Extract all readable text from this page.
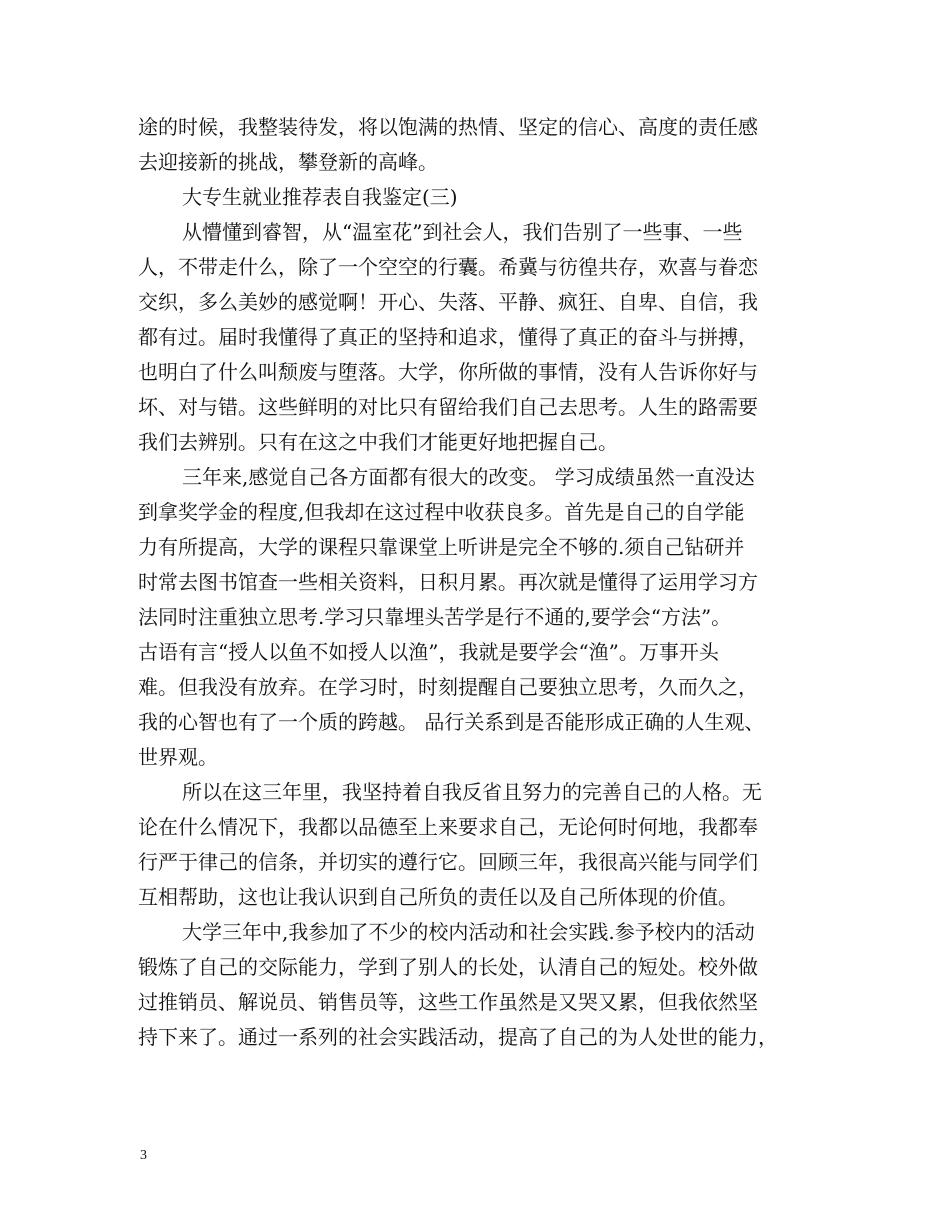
途的时候，我整装待发，将以饱满的热情、坚定的信心、高度的责任感
去迎接新的挑战，攀登新的高峰。
大专生就业推荐表自我鉴定(三)
从懵懂到睿智，从“温室花”到社会人，我们告别了一些事、一些
人，不带走什么，除了一个空空的行囊。希冀与彷徨共存，欢喜与眷恋
交织，多么美妙的感觉啊！开心、失落、平静、疯狂、自卑、自信，我
都有过。届时我懂得了真正的坚持和追求，懂得了真正的奋斗与拼搏，
也明白了什么叫颓废与堕落。大学，你所做的事情，没有人告诉你好与
坏、对与错。这些鲜明的对比只有留给我们自己去思考。人生的路需要
我们去辨别。只有在这之中我们才能更好地把握自己。
三年来,感觉自己各方面都有很大的改变。 学习成绩虽然一直没达
到拿奖学金的程度,但我却在这过程中收获良多。首先是自己的自学能
力有所提高，大学的课程只靠课堂上听讲是完全不够的.须自己钻研并
时常去图书馆查一些相关资料，日积月累。再次就是懂得了运用学习方
法同时注重独立思考.学习只靠埋头苦学是行不通的,要学会“方法”。
古语有言“授人以鱼不如授人以渔”，我就是要学会“渔”。万事开头
难。但我没有放弃。在学习时，时刻提醒自己要独立思考，久而久之，
我的心智也有了一个质的跨越。 品行关系到是否能形成正确的人生观、
世界观。
所以在这三年里，我坚持着自我反省且努力的完善自己的人格。无
论在什么情况下，我都以品德至上来要求自己，无论何时何地，我都奉
行严于律己的信条，并切实的遵行它。回顾三年，我很高兴能与同学们
互相帮助，这也让我认识到自己所负的责任以及自己所体现的价值。
大学三年中,我参加了不少的校内活动和社会实践.参予校内的活动
锻炼了自己的交际能力，学到了别人的长处，认清自己的短处。校外做
过推销员、解说员、销售员等，这些工作虽然是又哭又累，但我依然坚
持下来了。通过一系列的社会实践活动，提高了自己的为人处世的能力，
3
